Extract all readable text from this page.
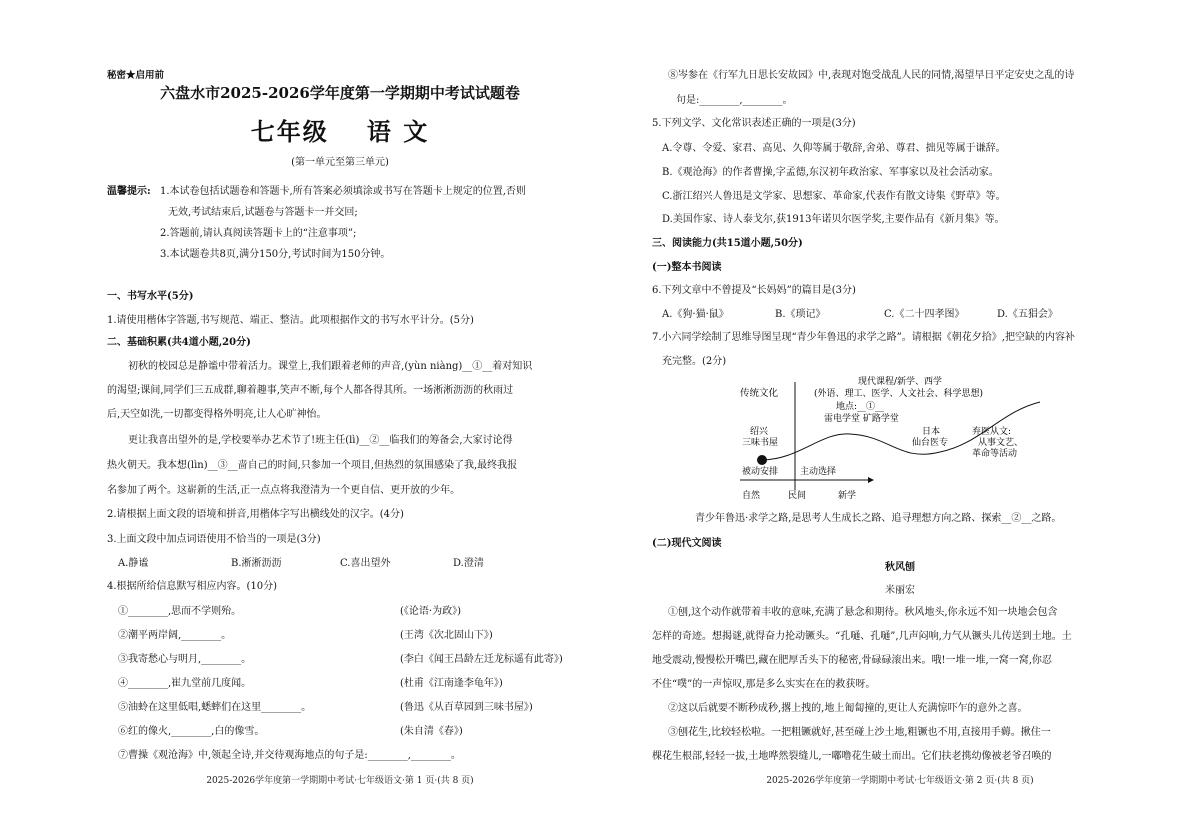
秘密★启用前
六盘水市2025-2026学年度第一学期期中考试试题卷
七年级 语 文
(第一单元至第三单元)
温馨提示: 1.本试卷包括试题卷和答题卡,所有答案必须填涂或书写在答题卡上规定的位置,否则
无效,考试结束后,试题卷与答题卡一并交回;
2.答题前,请认真阅读答题卡上的“注意事项”;
3.本试题卷共8页,满分150分,考试时间为150分钟。
一、书写水平(5分)
1.请使用楷体字答题,书写规范、端正、整洁。此项根据作文的书写水平计分。(5分)
二、基础积累(共4道小题,20分)
初秋的校园总是静谧中带着活力。课堂上,我们跟着老师的声音,(yùn niàng)__①__着对知识
的渴望;课间,同学们三五成群,聊着趣事,笑声不断,每个人都各得其所。一场淅淅沥沥的秋雨过
后,天空如洗,一切都变得格外明亮,让人心旷神怡。
更让我喜出望外的是,学校要举办艺术节了!班主任(lì)__②__临我们的筹备会,大家讨论得
热火朝天。我本想(lìn)__③__啬自己的时间,只参加一个项目,但热烈的氛围感染了我,最终我报
名参加了两个。这崭新的生活,正一点点将我澄清为一个更自信、更开放的少年。
2.请根据上面文段的语境和拼音,用楷体字写出横线处的汉字。(4分)
3.上面文段中加点词语使用不恰当的一项是(3分)
A.静谧	B.淅淅沥沥	C.喜出望外	D.澄清
4.根据所给信息默写相应内容。(10分)
①________,思而不学则殆。	(《论语·为政》)
②潮平两岸阔,________。	(王湾《次北固山下》)
③我寄愁心与明月,________。	(李白《闻王昌龄左迁龙标遥有此寄》)
④________,崔九堂前几度闻。	(杜甫《江南逢李龟年》)
⑤油蛉在这里低唱,蟋蟀们在这里________。	(鲁迅《从百草园到三味书屋》)
⑥红的像火,________,白的像雪。	(朱自清《春》)
⑦曹操《观沧海》中,领起全诗,并交待观海地点的句子是:________,________。
2025-2026学年度第一学期期中考试·七年级语文·第 1 页·(共 8 页)
⑧岑参在《行军九日思长安故园》中,表现对饱受战乱人民的同情,渴望早日平定安史之乱的诗
句是:________,________。
5.下列文学、文化常识表述正确的一项是(3分)
A.令尊、令爱、家君、高见、久仰等属于敬辞,舍弟、尊君、拙见等属于谦辞。
B.《观沧海》的作者曹操,字孟德,东汉初年政治家、军事家以及社会活动家。
C.浙江绍兴人鲁迅是文学家、思想家、革命家,代表作有散文诗集《野草》等。
D.美国作家、诗人泰戈尔,获1913年诺贝尔医学奖,主要作品有《新月集》等。
三、阅读能力(共15道小题,50分)
(一)整本书阅读
6.下列文章中不曾提及“长妈妈”的篇目是(3分)
A.《狗·猫·鼠》	B.《琐记》	C.《二十四孝图》	D.《五猖会》
7.小六同学绘制了思维导图呈现“青少年鲁迅的求学之路”。请根据《朝花夕拾》,把空缺的内容补
充完整。(2分)
青少年鲁迅·求学之路,是思考人生成长之路、追寻理想方向之路、探索__②__之路。
(二)现代文阅读
秋风刨
米丽宏
①刨,这个动作就带着丰收的意味,充满了悬念和期待。秋风地头,你永远不知一块地会包含
怎样的奇迹。想揭谜,就得奋力抡动镢头。“孔嗵、孔嗵”,几声闷响,力气从镢头儿传送到土地。土
地受震动,慢慢松开嘴巴,藏在肥厚舌头下的秘密,骨碌碌滚出来。哦!一堆一堆,一窝一窝,你忍
不住“噗”的一声惊叹,那是多么实实在在的救获呀。
②这以后就要不断秒成秒,撂上拽的,地上匍匐撞的,更让人充满惊吓乍的意外之喜。
③刨花生,比较轻松啦。一把粗镢就好,甚至碰上沙土地,粗镢也不用,直接用手薅。揪住一
棵花生根部,轻轻一拔,土地哗然裂缝儿,一嘟噜花生破土而出。它们扶老携幼像被老爷召唤的
2025-2026学年度第一学期期中考试·七年级语文·第 2 页·(共 8 页)
传统文化
现代课程/新学、西学
(外语、理工、医学、人文社会、科学思想)
地点:__①__
雷电学堂 矿路学堂
绍兴
三味书屋
日本
仙台医专
弃医从文:
从事文艺、
革命等活动
被动安排 主动选择
自然	民间	新学
